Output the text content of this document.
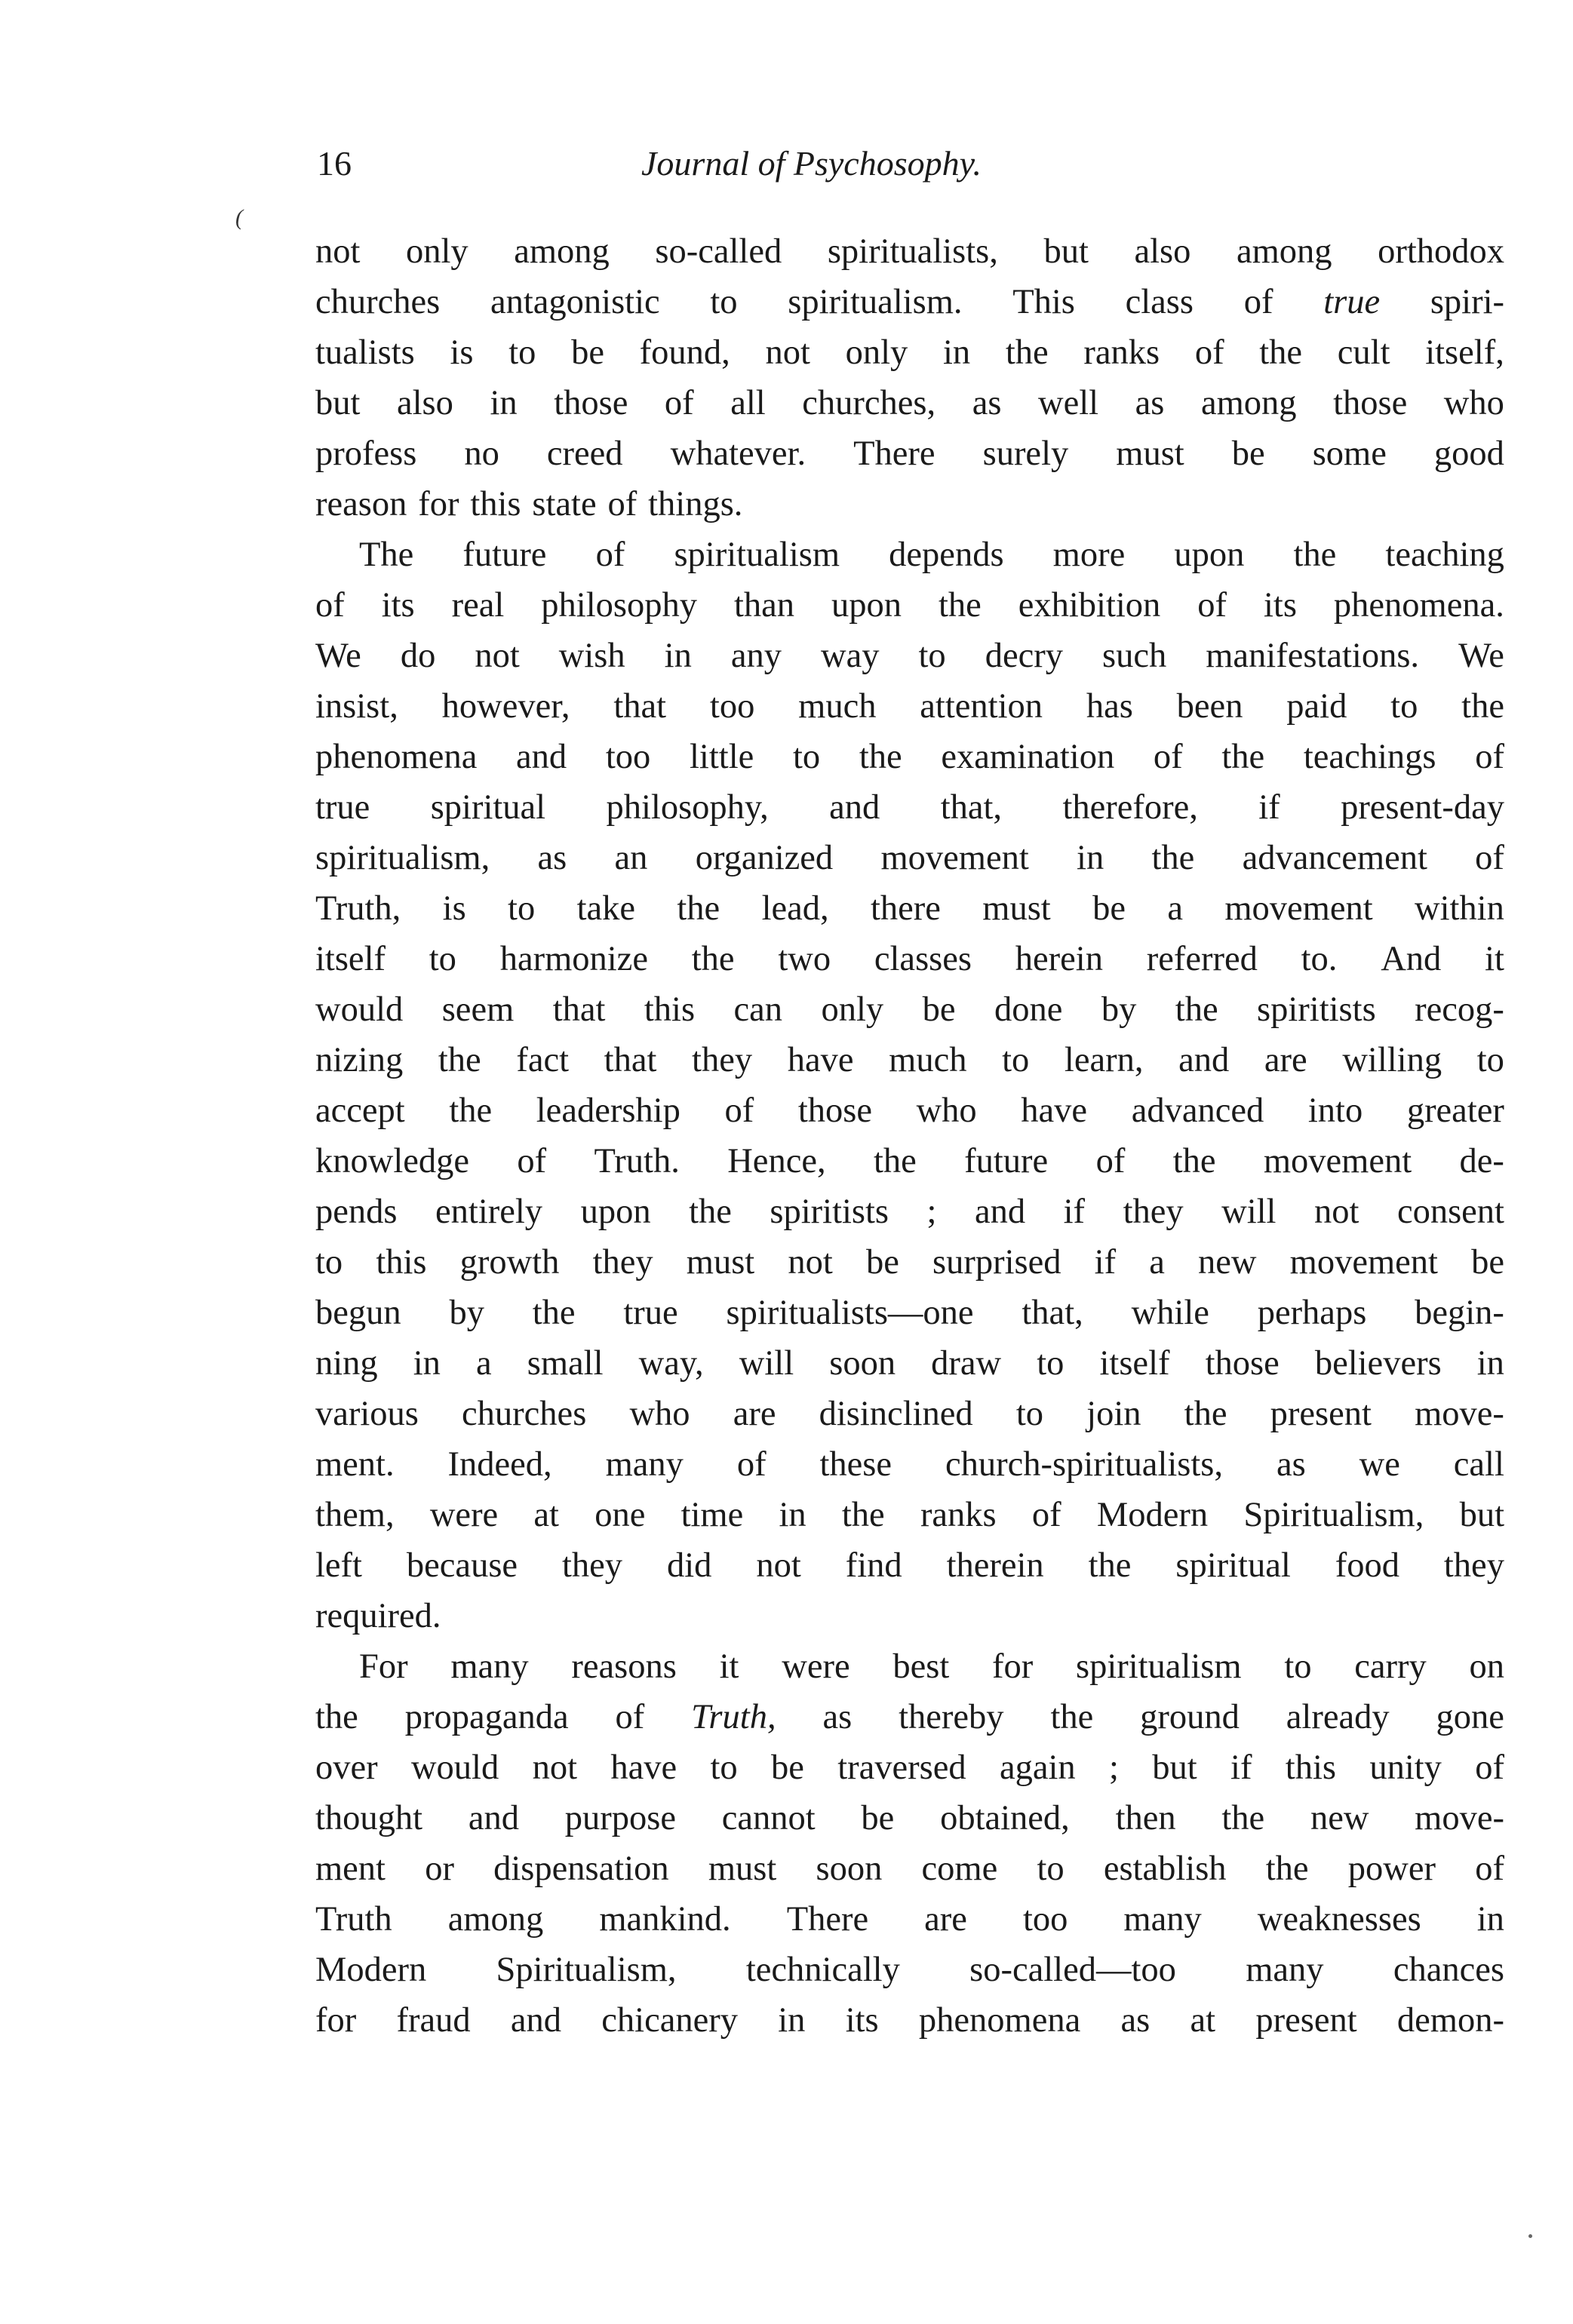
16	Journal of Psychosophy.
(
not only among so-called spiritualists, but also among orthodox
churches antagonistic to spiritualism. This class of true spiri-
tualists is to be found, not only in the ranks of the cult itself,
but also in those of all churches, as well as among those who
profess no creed whatever. There surely must be some good
reason for this state of things.
The future of spiritualism depends more upon the teaching
of its real philosophy than upon the exhibition of its phenomena.
We do not wish in any way to decry such manifestations. We
insist, however, that too much attention has been paid to the
phenomena and too little to the examination of the teachings of
true spiritual philosophy, and that, therefore, if present-day
spiritualism, as an organized movement in the advancement of
Truth, is to take the lead, there must be a movement within
itself to harmonize the two classes herein referred to. And it
would seem that this can only be done by the spiritists recog-
nizing the fact that they have much to learn, and are willing to
accept the leadership of those who have advanced into greater
knowledge of Truth. Hence, the future of the movement de-
pends entirely upon the spiritists ; and if they will not consent
to this growth they must not be surprised if a new movement be
begun by the true spiritualists—one that, while perhaps begin-
ning in a small way, will soon draw to itself those believers in
various churches who are disinclined to join the present move-
ment. Indeed, many of these church-spiritualists, as we call
them, were at one time in the ranks of Modern Spiritualism, but
left because they did not find therein the spiritual food they
required.
For many reasons it were best for spiritualism to carry on
the propaganda of Truth, as thereby the ground already gone
over would not have to be traversed again ; but if this unity of
thought and purpose cannot be obtained, then the new move-
ment or dispensation must soon come to establish the power of
Truth among mankind. There are too many weaknesses in
Modern Spiritualism, technically so-called—too many chances
for fraud and chicanery in its phenomena as at present demon-
